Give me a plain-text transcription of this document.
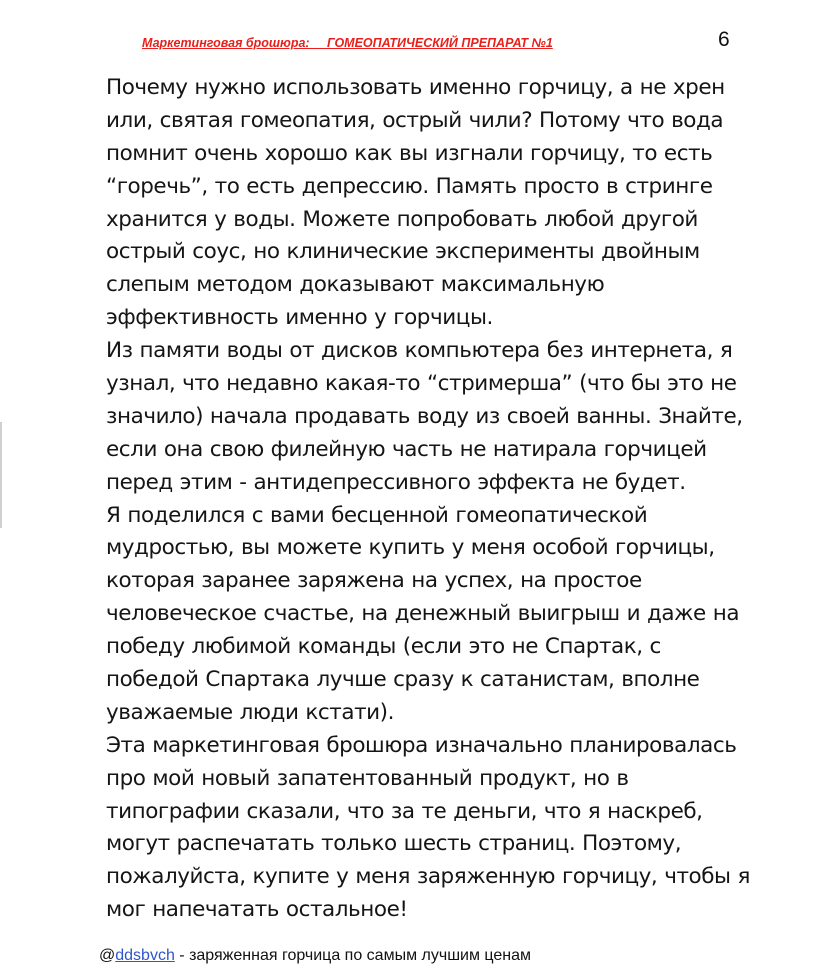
Маркетинговая брошюра:     ГОМЕОПАТИЧЕСКИЙ ПРЕПАРАТ №1	6
Почему нужно использовать именно горчицу, а не хрен
или, святая гомеопатия, острый чили? Потому что вода
помнит очень хорошо как вы изгнали горчицу, то есть
“горечь”, то есть депрессию. Память просто в стринге
хранится у воды. Можете попробовать любой другой
острый соус, но клинические эксперименты двойным
слепым методом доказывают максимальную
эффективность именно у горчицы.
Из памяти воды от дисков компьютера без интернета, я
узнал, что недавно какая-то “стримерша” (что бы это не
значило) начала продавать воду из своей ванны. Знайте,
если она свою филейную часть не натирала горчицей
перед этим - антидепрессивного эффекта не будет.
Я поделился с вами бесценной гомеопатической
мудростью, вы можете купить у меня особой горчицы,
которая заранее заряжена на успех, на простое
человеческое счастье, на денежный выигрыш и даже на
победу любимой команды (если это не Спартак, с
победой Спартака лучше сразу к сатанистам, вполне
уважаемые люди кстати).
Эта маркетинговая брошюра изначально планировалась
про мой новый запатентованный продукт, но в
типографии сказали, что за те деньги, что я наскреб,
могут распечатать только шесть страниц. Поэтому,
пожалуйста, купите у меня заряженную горчицу, чтобы я
мог напечатать остальное!
@ddsbvch - заряженная горчица по самым лучшим ценам
